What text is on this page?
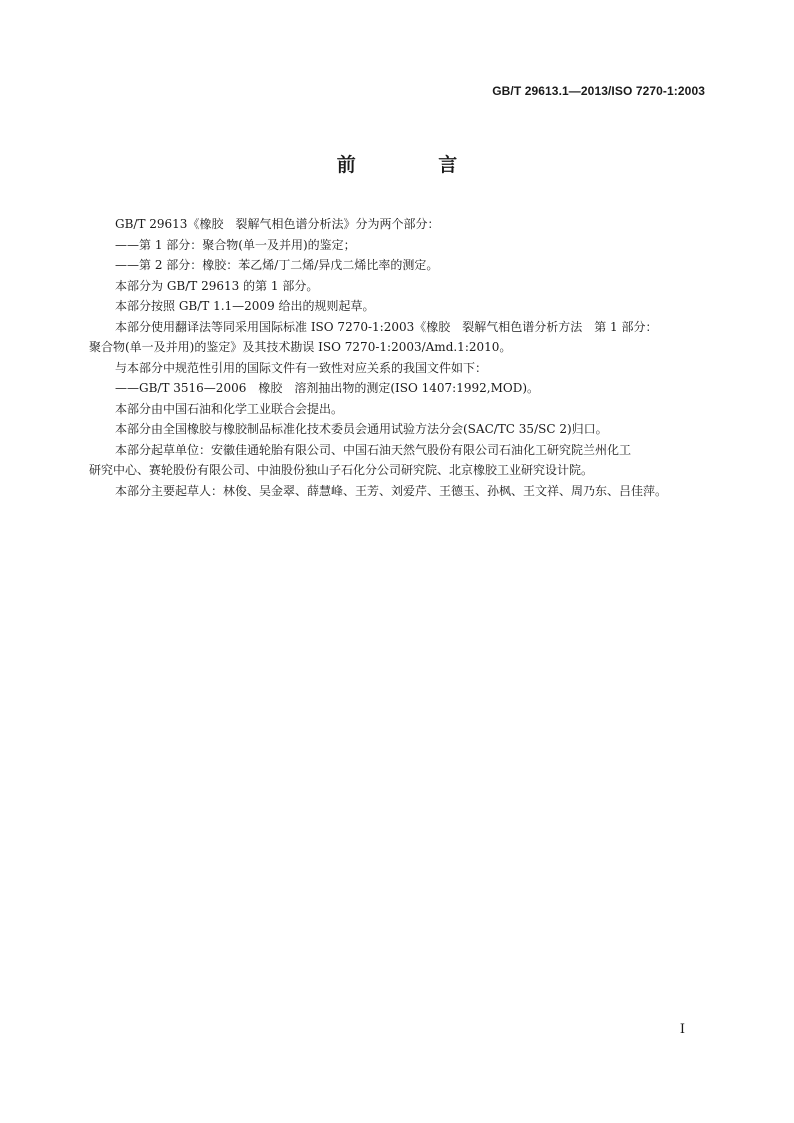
GB/T 29613.1—2013/ISO 7270-1:2003
前 言

GB/T 29613《橡胶　裂解气相色谱分析法》分为两个部分：

——第 1 部分：聚合物(单一及并用)的鉴定；

——第 2 部分：橡胶：苯乙烯/丁二烯/异戊二烯比率的测定。

本部分为 GB/T 29613 的第 1 部分。

本部分按照 GB/T 1.1—2009 给出的规则起草。

本部分使用翻译法等同采用国际标准 ISO 7270-1:2003《橡胶　裂解气相色谱分析方法　第 1 部分：
聚合物(单一及并用)的鉴定》及其技术勘误 ISO 7270-1:2003/Amd.1:2010。

与本部分中规范性引用的国际文件有一致性对应关系的我国文件如下：

——GB/T 3516—2006　橡胶　溶剂抽出物的测定(ISO 1407:1992,MOD)。

本部分由中国石油和化学工业联合会提出。

本部分由全国橡胶与橡胶制品标准化技术委员会通用试验方法分会(SAC/TC 35/SC 2)归口。

本部分起草单位：安徽佳通轮胎有限公司、中国石油天然气股份有限公司石油化工研究院兰州化工
研究中心、赛轮股份有限公司、中油股份独山子石化分公司研究院、北京橡胶工业研究设计院。

本部分主要起草人：林俊、吴金翠、薛慧峰、王芳、刘爱芹、王德玉、孙枫、王文祥、周乃东、吕佳萍。

I
